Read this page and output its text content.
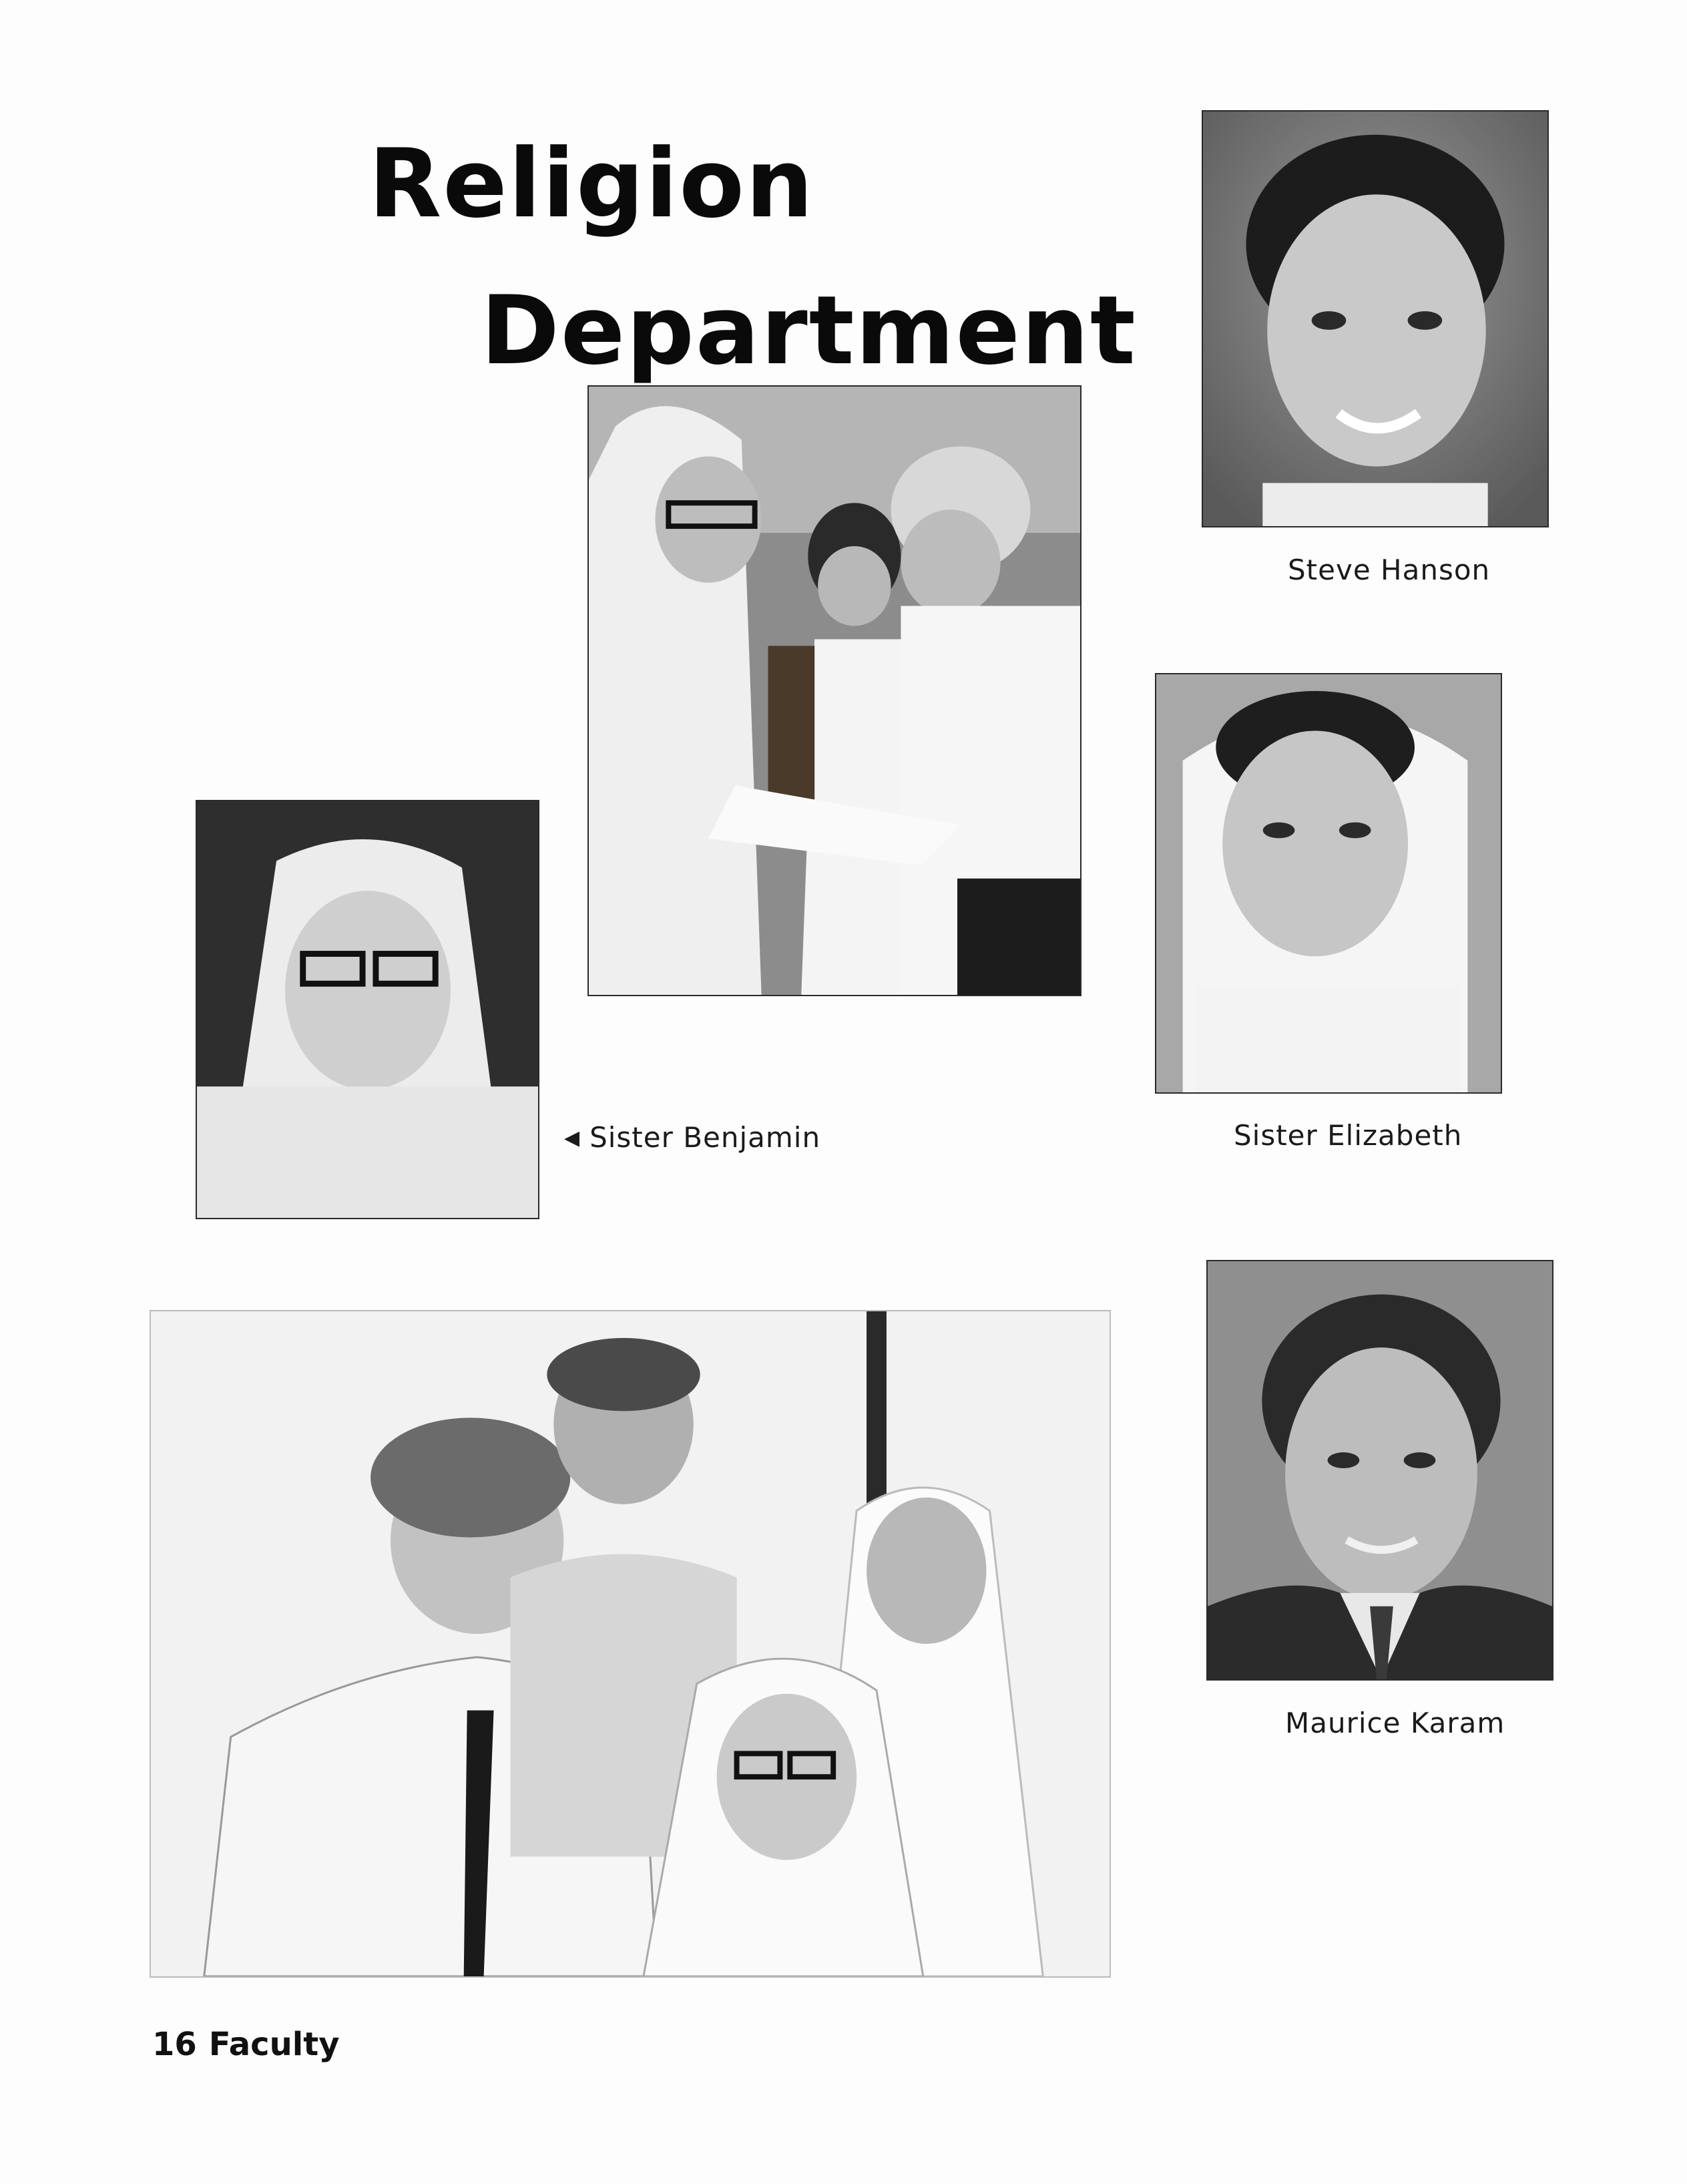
Religion
Department
Steve Hanson
Sister Elizabeth
◀ Sister Benjamin
Maurice Karam
16 Faculty
